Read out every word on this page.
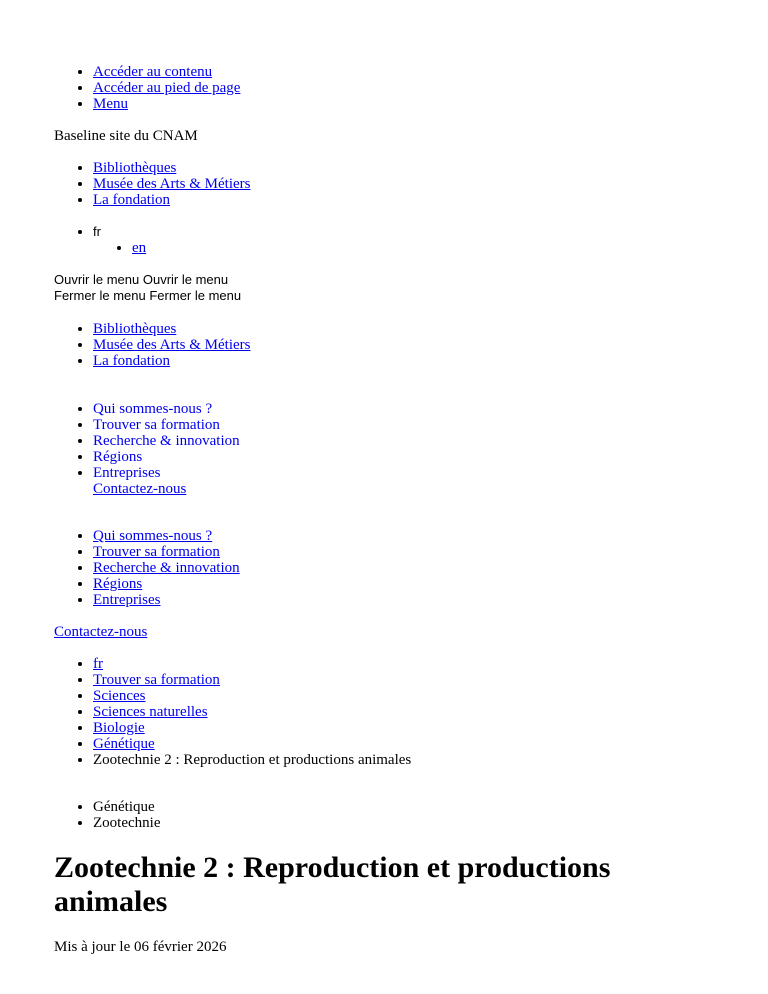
• Accéder au contenu
• Accéder au pied de page
• Menu
Baseline site du CNAM
• Bibliothèques
• Musée des Arts & Métiers
• La fondation
• fr
• en
Ouvrir le menu Ouvrir le menu
Fermer le menu Fermer le menu
• Bibliothèques
• Musée des Arts & Métiers
• La fondation
• Qui sommes-nous ?
• Trouver sa formation
• Recherche & innovation
• Régions
• Entreprises
Contactez-nous
• Qui sommes-nous ?
• Trouver sa formation
• Recherche & innovation
• Régions
• Entreprises
Contactez-nous
• fr
• Trouver sa formation
• Sciences
• Sciences naturelles
• Biologie
• Génétique
• Zootechnie 2 : Reproduction et productions animales
• Génétique
• Zootechnie
Zootechnie 2 : Reproduction et productions animales
Mis à jour le 06 février 2026
